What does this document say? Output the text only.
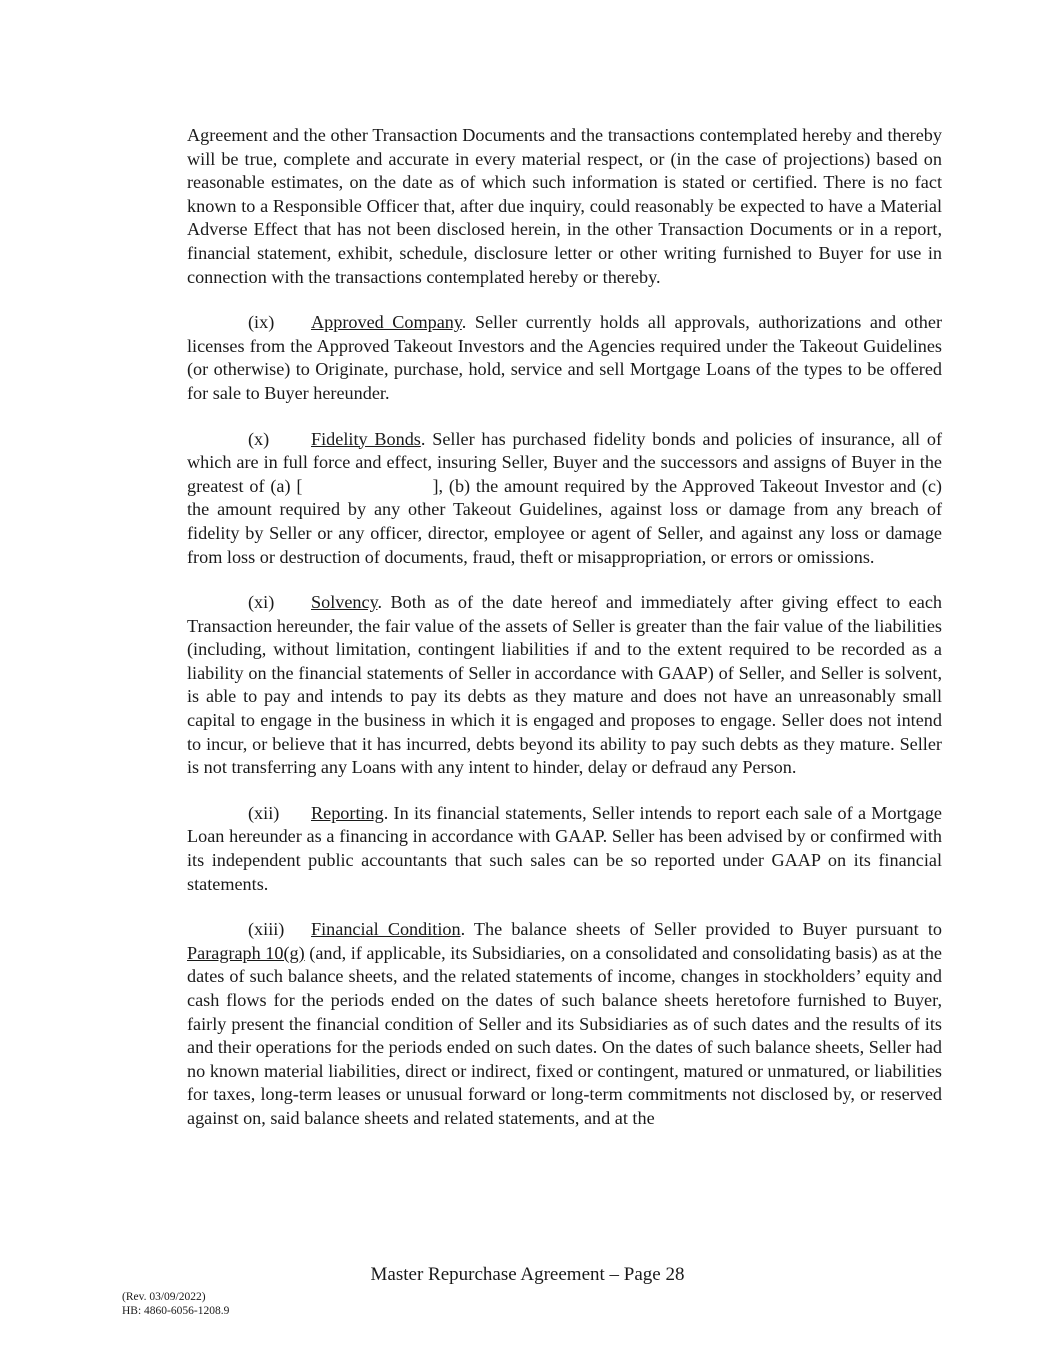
Agreement and the other Transaction Documents and the transactions contemplated hereby and thereby will be true, complete and accurate in every material respect, or (in the case of projections) based on reasonable estimates, on the date as of which such information is stated or certified. There is no fact known to a Responsible Officer that, after due inquiry, could reasonably be expected to have a Material Adverse Effect that has not been disclosed herein, in the other Transaction Documents or in a report, financial statement, exhibit, schedule, disclosure letter or other writing furnished to Buyer for use in connection with the transactions contemplated hereby or thereby.

(ix) Approved Company. Seller currently holds all approvals, authorizations and other licenses from the Approved Takeout Investors and the Agencies required under the Takeout Guidelines (or otherwise) to Originate, purchase, hold, service and sell Mortgage Loans of the types to be offered for sale to Buyer hereunder.

(x) Fidelity Bonds. Seller has purchased fidelity bonds and policies of insurance, all of which are in full force and effect, insuring Seller, Buyer and the successors and assigns of Buyer in the greatest of (a) [	], (b) the amount required by the Approved Takeout Investor and (c) the amount required by any other Takeout Guidelines, against loss or damage from any breach of fidelity by Seller or any officer, director, employee or agent of Seller, and against any loss or damage from loss or destruction of documents, fraud, theft or misappropriation, or errors or omissions.

(xi) Solvency. Both as of the date hereof and immediately after giving effect to each Transaction hereunder, the fair value of the assets of Seller is greater than the fair value of the liabilities (including, without limitation, contingent liabilities if and to the extent required to be recorded as a liability on the financial statements of Seller in accordance with GAAP) of Seller, and Seller is solvent, is able to pay and intends to pay its debts as they mature and does not have an unreasonably small capital to engage in the business in which it is engaged and proposes to engage. Seller does not intend to incur, or believe that it has incurred, debts beyond its ability to pay such debts as they mature. Seller is not transferring any Loans with any intent to hinder, delay or defraud any Person.

(xii) Reporting. In its financial statements, Seller intends to report each sale of a Mortgage Loan hereunder as a financing in accordance with GAAP. Seller has been advised by or confirmed with its independent public accountants that such sales can be so reported under GAAP on its financial statements.

(xiii) Financial Condition. The balance sheets of Seller provided to Buyer pursuant to Paragraph 10(g) (and, if applicable, its Subsidiaries, on a consolidated and consolidating basis) as at the dates of such balance sheets, and the related statements of income, changes in stockholders’ equity and cash flows for the periods ended on the dates of such balance sheets heretofore furnished to Buyer, fairly present the financial condition of Seller and its Subsidiaries as of such dates and the results of its and their operations for the periods ended on such dates. On the dates of such balance sheets, Seller had no known material liabilities, direct or indirect, fixed or contingent, matured or unmatured, or liabilities for taxes, long-term leases or unusual forward or long-term commitments not disclosed by, or reserved against on, said balance sheets and related statements, and at the

Master Repurchase Agreement – Page 28
(Rev. 03/09/2022)
HB: 4860-6056-1208.9
